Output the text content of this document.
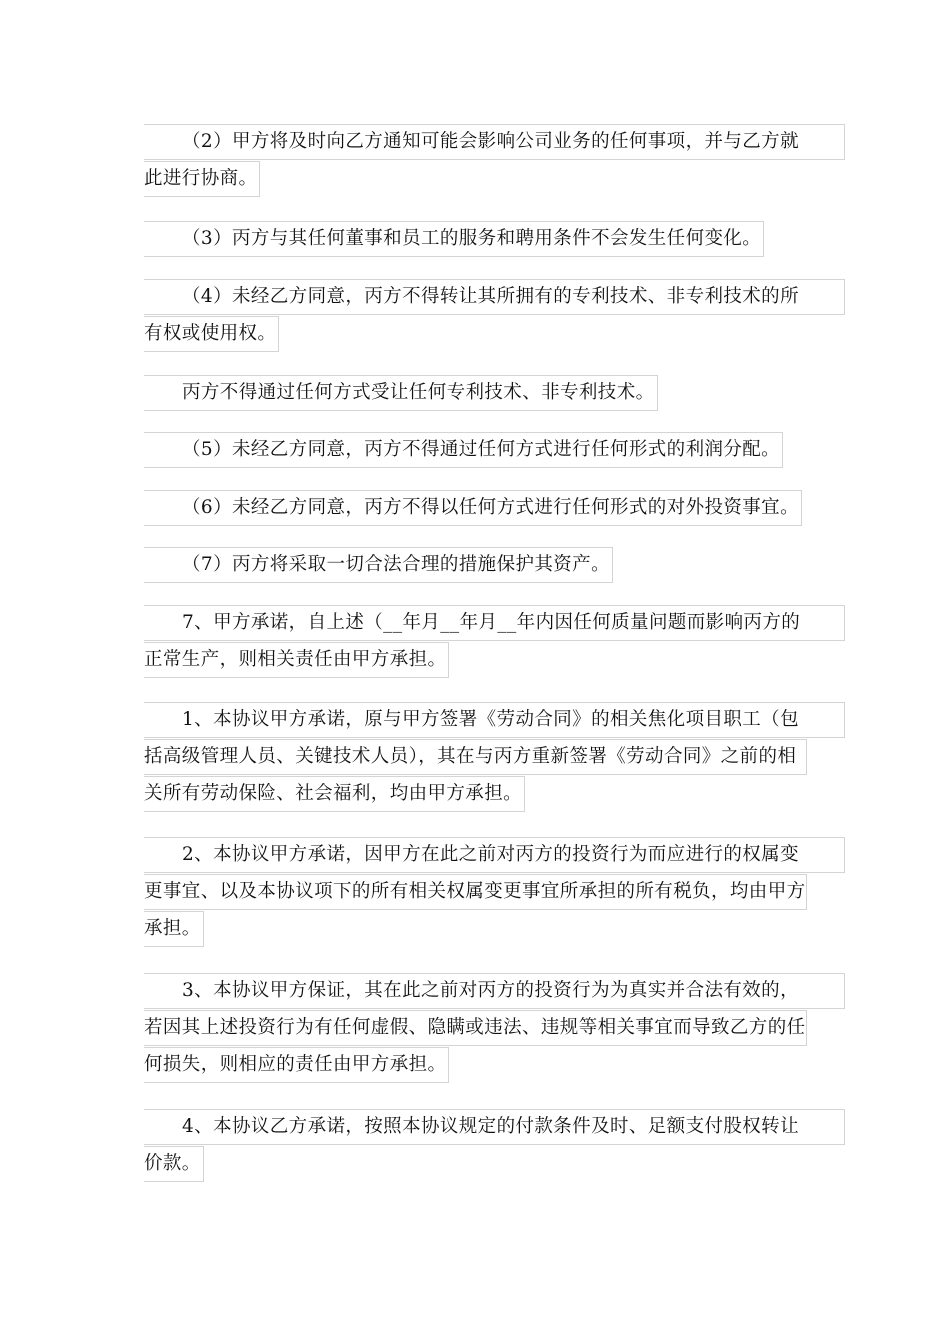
（2）甲方将及时向乙方通知可能会影响公司业务的任何事项，并与乙方就
此进行协商。
（3）丙方与其任何董事和员工的服务和聘用条件不会发生任何变化。
（4）未经乙方同意，丙方不得转让其所拥有的专利技术、非专利技术的所
有权或使用权。
丙方不得通过任何方式受让任何专利技术、非专利技术。
（5）未经乙方同意，丙方不得通过任何方式进行任何形式的利润分配。
（6）未经乙方同意，丙方不得以任何方式进行任何形式的对外投资事宜。
（7）丙方将采取一切合法合理的措施保护其资产。
7、甲方承诺，自上述（__年月__年月__年内因任何质量问题而影响丙方的
正常生产，则相关责任由甲方承担。
1、本协议甲方承诺，原与甲方签署《劳动合同》的相关焦化项目职工（包
括高级管理人员、关键技术人员），其在与丙方重新签署《劳动合同》之前的相
关所有劳动保险、社会福利，均由甲方承担。
2、本协议甲方承诺，因甲方在此之前对丙方的投资行为而应进行的权属变
更事宜、以及本协议项下的所有相关权属变更事宜所承担的所有税负，均由甲方
承担。
3、本协议甲方保证，其在此之前对丙方的投资行为为真实并合法有效的，
若因其上述投资行为有任何虚假、隐瞒或违法、违规等相关事宜而导致乙方的任
何损失，则相应的责任由甲方承担。
4、本协议乙方承诺，按照本协议规定的付款条件及时、足额支付股权转让
价款。
